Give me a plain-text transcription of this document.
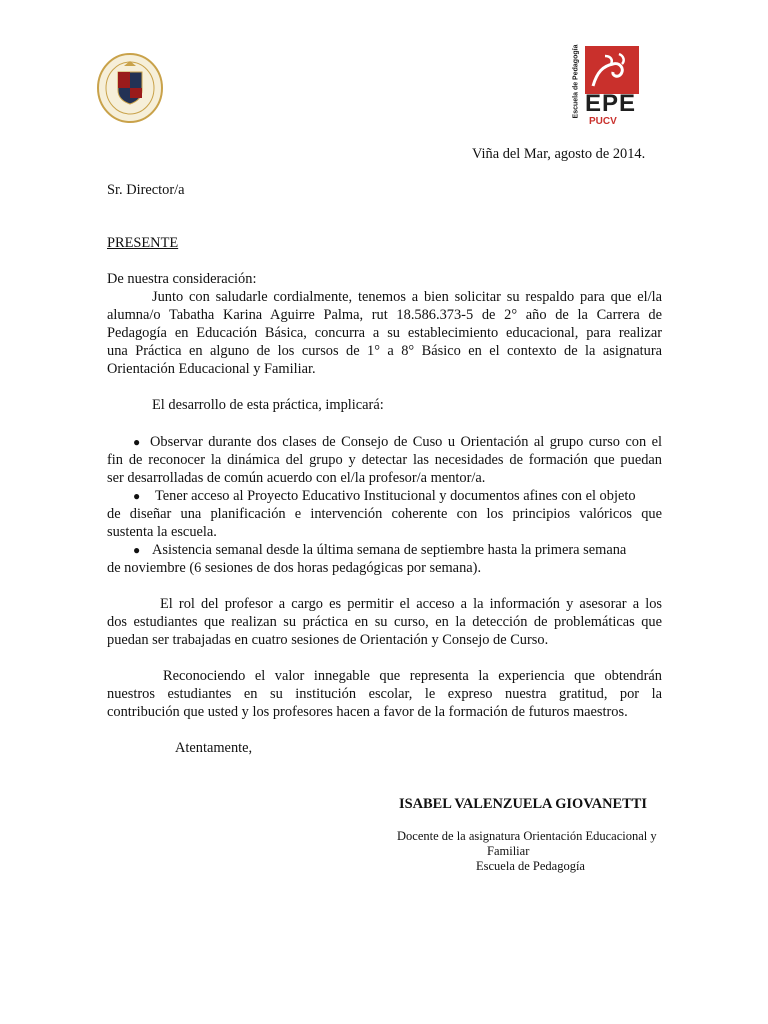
Escuela de Pedagogía EPE
PUCV
Viña del Mar, agosto de 2014.
Sr. Director/a
PRESENTE
De nuestra consideración:
Junto con saludarle cordialmente, tenemos a bien solicitar su respaldo para que el/la
alumna/o Tabatha Karina Aguirre Palma, rut 18.586.373-5 de 2° año de la Carrera de
Pedagogía en Educación Básica, concurra a su establecimiento educacional, para realizar
una Práctica en alguno de los cursos de 1° a 8° Básico en el contexto de la asignatura
Orientación Educacional y Familiar.
El desarrollo de esta práctica, implicará:
● Observar durante dos clases de Consejo de Cuso u Orientación al grupo curso con el
fin de reconocer la dinámica del grupo y detectar las necesidades de formación que puedan
ser desarrolladas de común acuerdo con el/la profesor/a mentor/a.
● Tener acceso al Proyecto Educativo Institucional y documentos afines con el objeto
de diseñar una planificación e intervención coherente con los principios valóricos que
sustenta la escuela.
● Asistencia semanal desde la última semana de septiembre hasta la primera semana
de noviembre (6 sesiones de dos horas pedagógicas por semana).
El rol del profesor a cargo es permitir el acceso a la información y asesorar a los
dos estudiantes que realizan su práctica en su curso, en la detección de problemáticas que
puedan ser trabajadas en cuatro sesiones de Orientación y Consejo de Curso.
Reconociendo el valor innegable que representa la experiencia que obtendrán
nuestros estudiantes en su institución escolar, le expreso nuestra gratitud, por la
contribución que usted y los profesores hacen a favor de la formación de futuros maestros.
Atentamente,
ISABEL VALENZUELA GIOVANETTI
Docente de la asignatura Orientación Educacional y
Familiar
Escuela de Pedagogía
